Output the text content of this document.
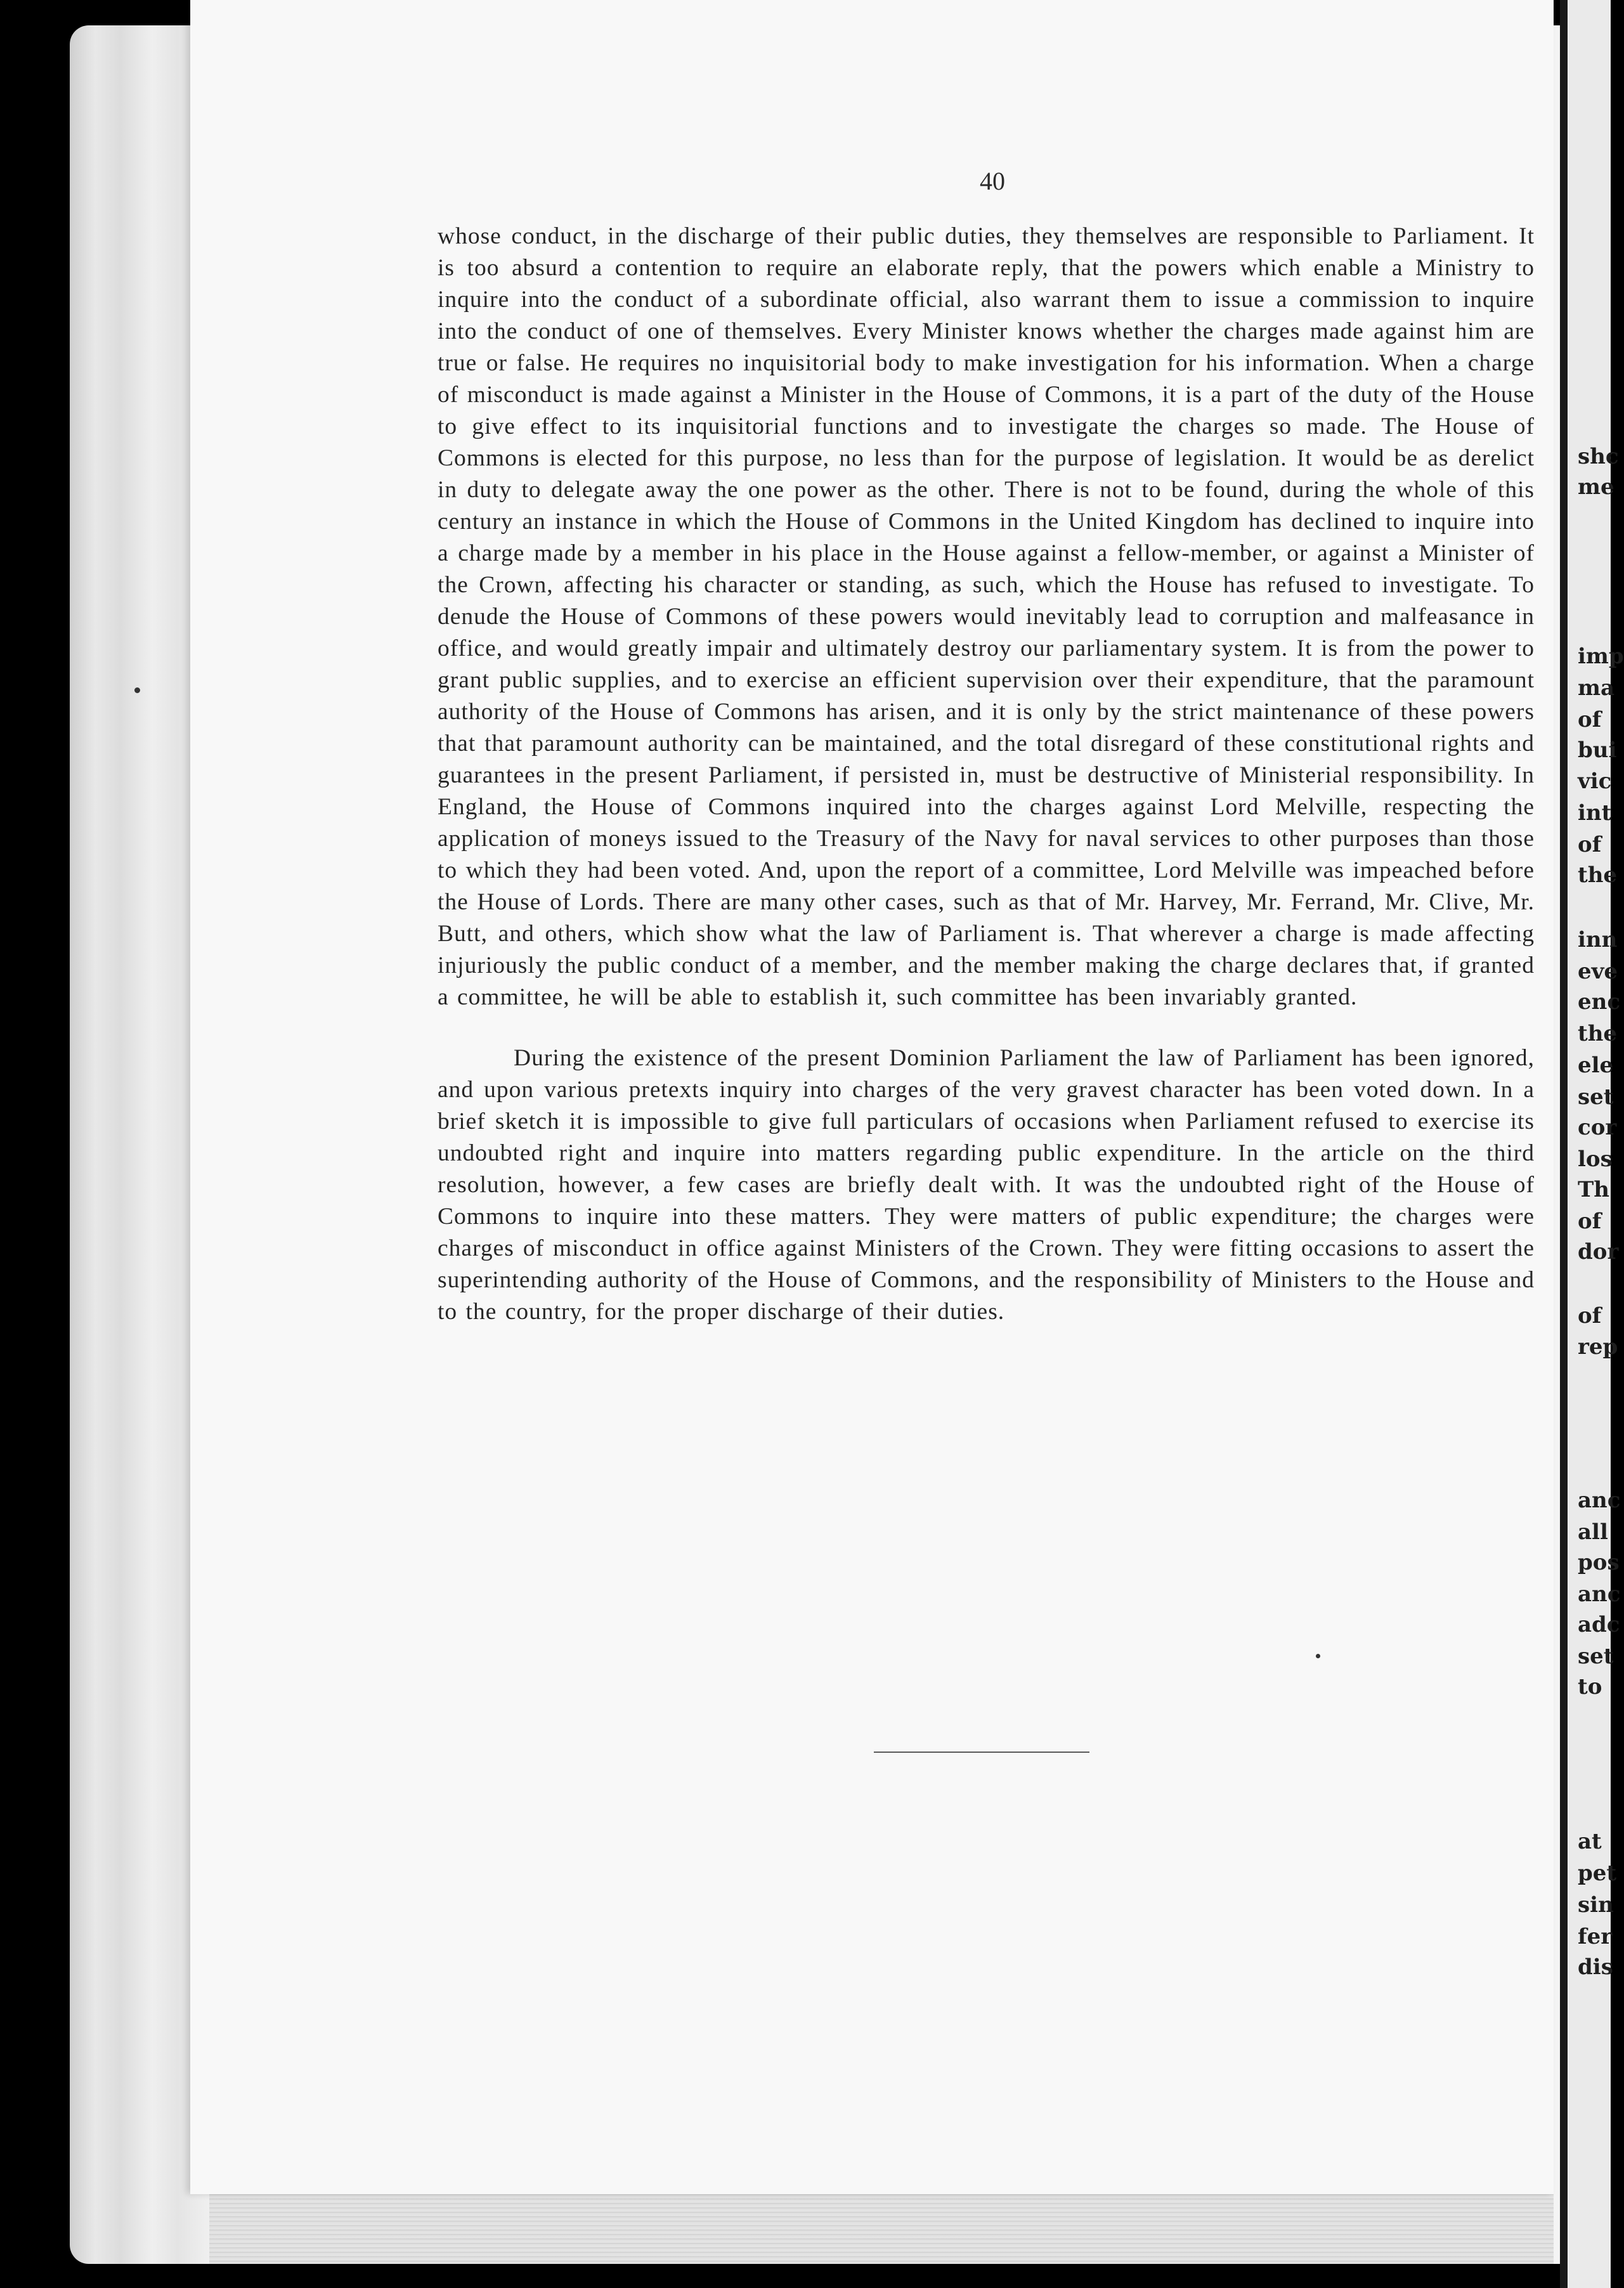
40

whose conduct, in the discharge of their public duties, they themselves are responsible to Parliament. It is too absurd a contention to require an elaborate reply, that the powers which enable a Ministry to inquire into the conduct of a subordinate official, also warrant them to issue a commission to inquire into the conduct of one of themselves. Every Minister knows whether the charges made against him are true or false. He requires no inquisitorial body to make investigation for his information. When a charge of misconduct is made against a Minister in the House of Commons, it is a part of the duty of the House to give effect to its inquisitorial functions and to investigate the charges so made. The House of Commons is elected for this purpose, no less than for the purpose of legislation. It would be as derelict in duty to delegate away the one power as the other. There is not to be found, during the whole of this century an instance in which the House of Commons in the United Kingdom has declined to inquire into a charge made by a member in his place in the House against a fellow-member, or against a Minister of the Crown, affecting his character or standing, as such, which the House has refused to investigate. To denude the House of Commons of these powers would inevitably lead to corruption and malfeasance in office, and would greatly impair and ultimately destroy our parliamentary system. It is from the power to grant public supplies, and to exercise an efficient supervision over their expenditure, that the paramount authority of the House of Commons has arisen, and it is only by the strict maintenance of these powers that that paramount authority can be maintained, and the total disregard of these constitutional rights and guarantees in the present Parliament, if persisted in, must be destructive of Ministerial responsibility. In England, the House of Commons inquired into the charges against Lord Melville, respecting the application of moneys issued to the Treasury of the Navy for naval services to other purposes than those to which they had been voted. And, upon the report of a committee, Lord Melville was impeached before the House of Lords. There are many other cases, such as that of Mr. Harvey, Mr. Ferrand, Mr. Clive, Mr. Butt, and others, which show what the law of Parliament is. That wherever a charge is made affecting injuriously the public conduct of a member, and the member making the charge declares that, if granted a committee, he will be able to establish it, such committee has been invariably granted.

During the existence of the present Dominion Parliament the law of Parliament has been ignored, and upon various pretexts inquiry into charges of the very gravest character has been voted down. In a brief sketch it is impossible to give full particulars of occasions when Parliament refused to exercise its undoubted right and inquire into matters regarding public expenditure. In the article on the third resolution, however, a few cases are briefly dealt with. It was the undoubted right of the House of Commons to inquire into these matters. They were matters of public expenditure; the charges were charges of misconduct in office against Ministers of the Crown. They were fitting occasions to assert the superintending authority of the House of Commons, and the responsibility of Ministers to the House and to the country, for the proper discharge of their duties.

shc
me
imp
ma
of
bui
vic
int
of
the
inn
eve
enc
the
ele
set
cor
los
Th
of
dor
of
rep
anc
all
pos
anc
adc
set
to
at
pet
sin
fer
dis
